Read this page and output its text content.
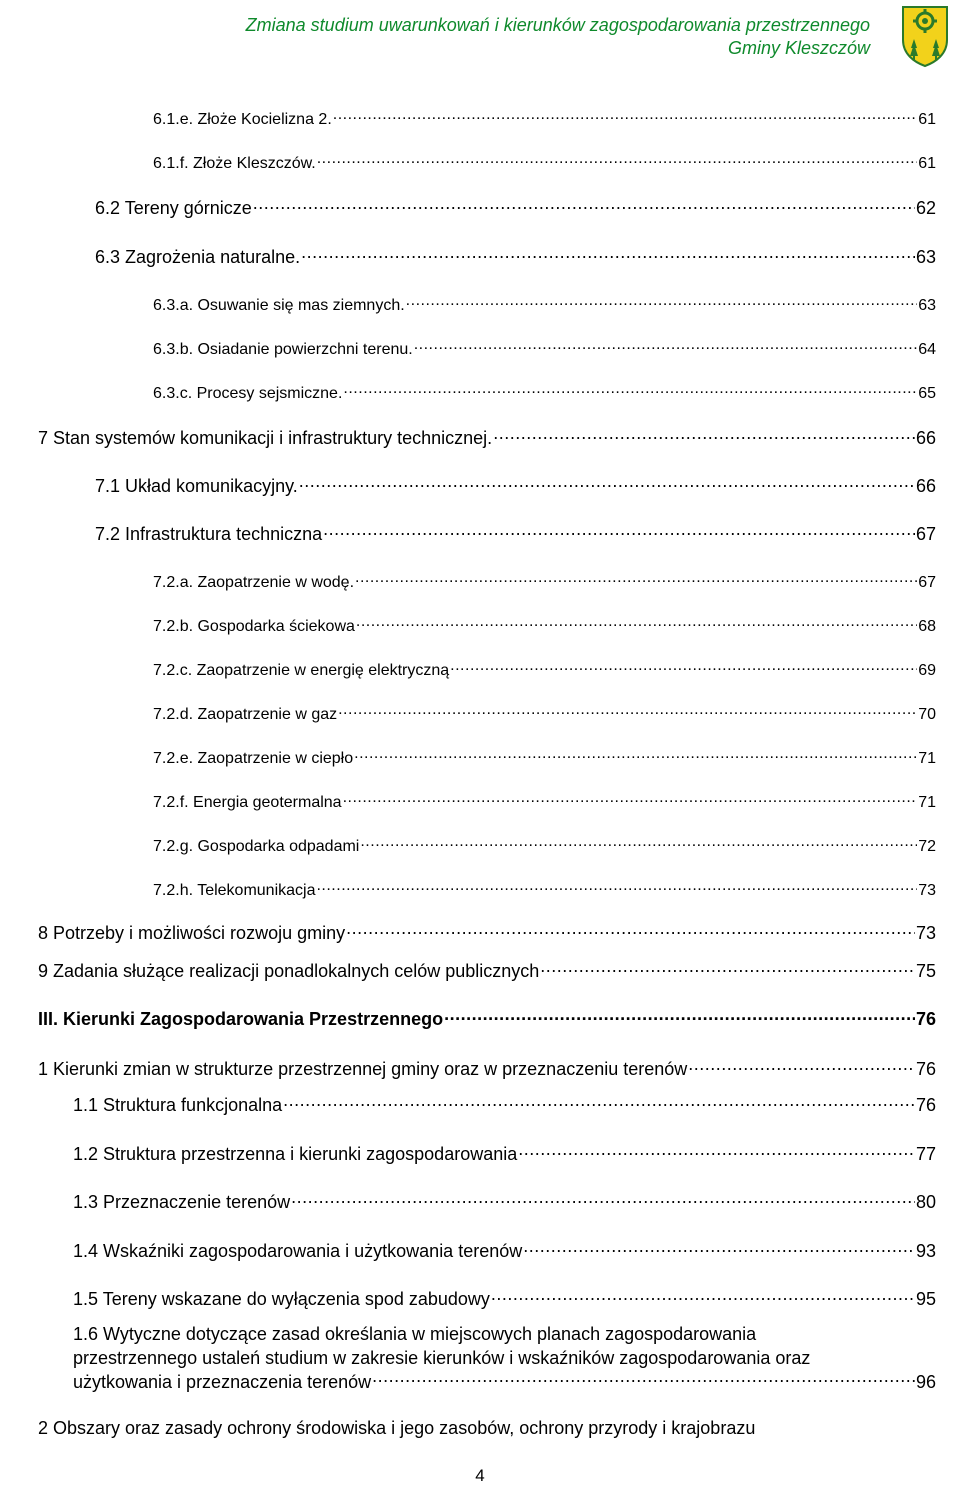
Zmiana studium uwarunkowań i kierunków zagospodarowania przestrzennego
Gminy Kleszczów
6.1.e. Złoże Kocielizna 2. .....	61
6.1.f. Złoże Kleszczów. .....	61
6.2 Tereny górnicze .....	62
6.3 Zagrożenia naturalne. .....	63
6.3.a. Osuwanie się mas ziemnych. .....	63
6.3.b. Osiadanie powierzchni terenu. .....	64
6.3.c. Procesy sejsmiczne. .....	65
7 Stan systemów komunikacji i infrastruktury technicznej. .....	66
7.1 Układ komunikacyjny. .....	66
7.2 Infrastruktura techniczna .....	67
7.2.a. Zaopatrzenie w wodę. .....	67
7.2.b. Gospodarka ściekowa .....	68
7.2.c. Zaopatrzenie w energię elektryczną .....	69
7.2.d. Zaopatrzenie w gaz .....	70
7.2.e. Zaopatrzenie w ciepło .....	71
7.2.f. Energia geotermalna .....	71
7.2.g. Gospodarka odpadami .....	72
7.2.h. Telekomunikacja .....	73
8 Potrzeby i możliwości rozwoju gminy .....	73
9 Zadania służące realizacji ponadlokalnych celów publicznych .....	75
III. Kierunki Zagospodarowania Przestrzennego .....	76
1 Kierunki zmian w strukturze przestrzennej gminy oraz w przeznaczeniu terenów .....	76
1.1 Struktura funkcjonalna .....	76
1.2 Struktura przestrzenna i kierunki zagospodarowania .....	77
1.3 Przeznaczenie terenów .....	80
1.4 Wskaźniki zagospodarowania i użytkowania terenów .....	93
1.5 Tereny wskazane do wyłączenia spod zabudowy .....	95
1.6 Wytyczne dotyczące zasad określania w miejscowych planach zagospodarowania
przestrzennego ustaleń studium w zakresie kierunków i wskaźników zagospodarowania oraz
użytkowania i przeznaczenia terenów .....	96
2 Obszary oraz zasady ochrony środowiska i jego zasobów, ochrony przyrody i krajobrazu
4
